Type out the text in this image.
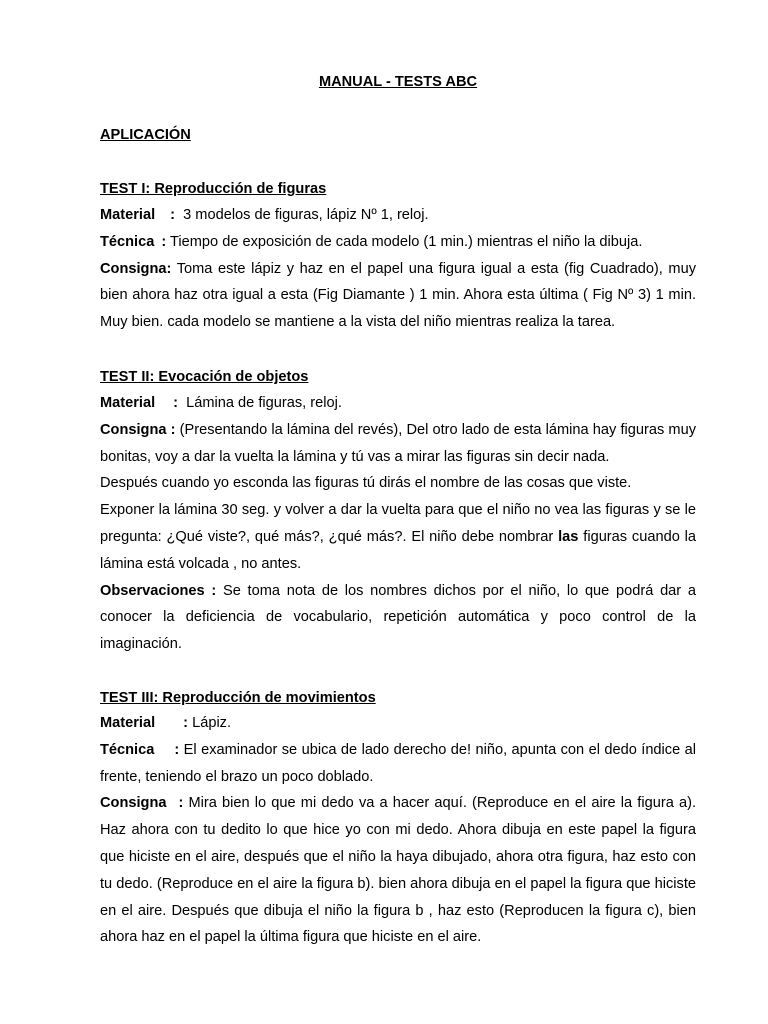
MANUAL - TESTS ABC
APLICACIÓN
TEST I: Reproducción de figuras

Material : 3 modelos de figuras, lápiz Nº 1, reloj.

Técnica : Tiempo de exposición de cada modelo (1 min.) mientras el niño la dibuja.

Consigna: Toma este lápiz y haz en el papel una figura igual a esta (fig Cuadrado), muy bien ahora haz otra igual a esta (Fig Diamante ) 1 min. Ahora esta última ( Fig Nº 3) 1 min. Muy bien. cada modelo se mantiene a la vista del niño mientras realiza la tarea.

TEST II: Evocación de objetos

Material : Lámina de figuras, reloj.

Consigna : (Presentando la lámina del revés), Del otro lado de esta lámina hay figuras muy bonitas, voy a dar la vuelta la lámina y tú vas a mirar las figuras sin decir nada.

Después cuando yo esconda las figuras tú dirás el nombre de las cosas que viste.

Exponer la lámina 30 seg. y volver a dar la vuelta para que el niño no vea las figuras y se le pregunta: ¿Qué viste?, qué más?, ¿qué más?. El niño debe nombrar las figuras cuando la lámina está volcada , no antes.

Observaciones : Se toma nota de los nombres dichos por el niño, lo que podrá dar a conocer la deficiencia de vocabulario, repetición automática y poco control de la imaginación.

TEST III: Reproducción de movimientos

Material : Lápiz.

Técnica : El examinador se ubica de lado derecho de! niño, apunta con el dedo índice al frente, teniendo el brazo un poco doblado.

Consigna : Mira bien lo que mi dedo va a hacer aquí. (Reproduce en el aire la figura a). Haz ahora con tu dedito lo que hice yo con mi dedo. Ahora dibuja en este papel la figura que hiciste en el aire, después que el niño la haya dibujado, ahora otra figura, haz esto con tu dedo. (Reproduce en el aire la figura b). bien ahora dibuja en el papel la figura que hiciste en el aire. Después que dibuja el niño la figura b , haz esto (Reproducen la figura c), bien ahora haz en el papel la última figura que hiciste en el aire.
